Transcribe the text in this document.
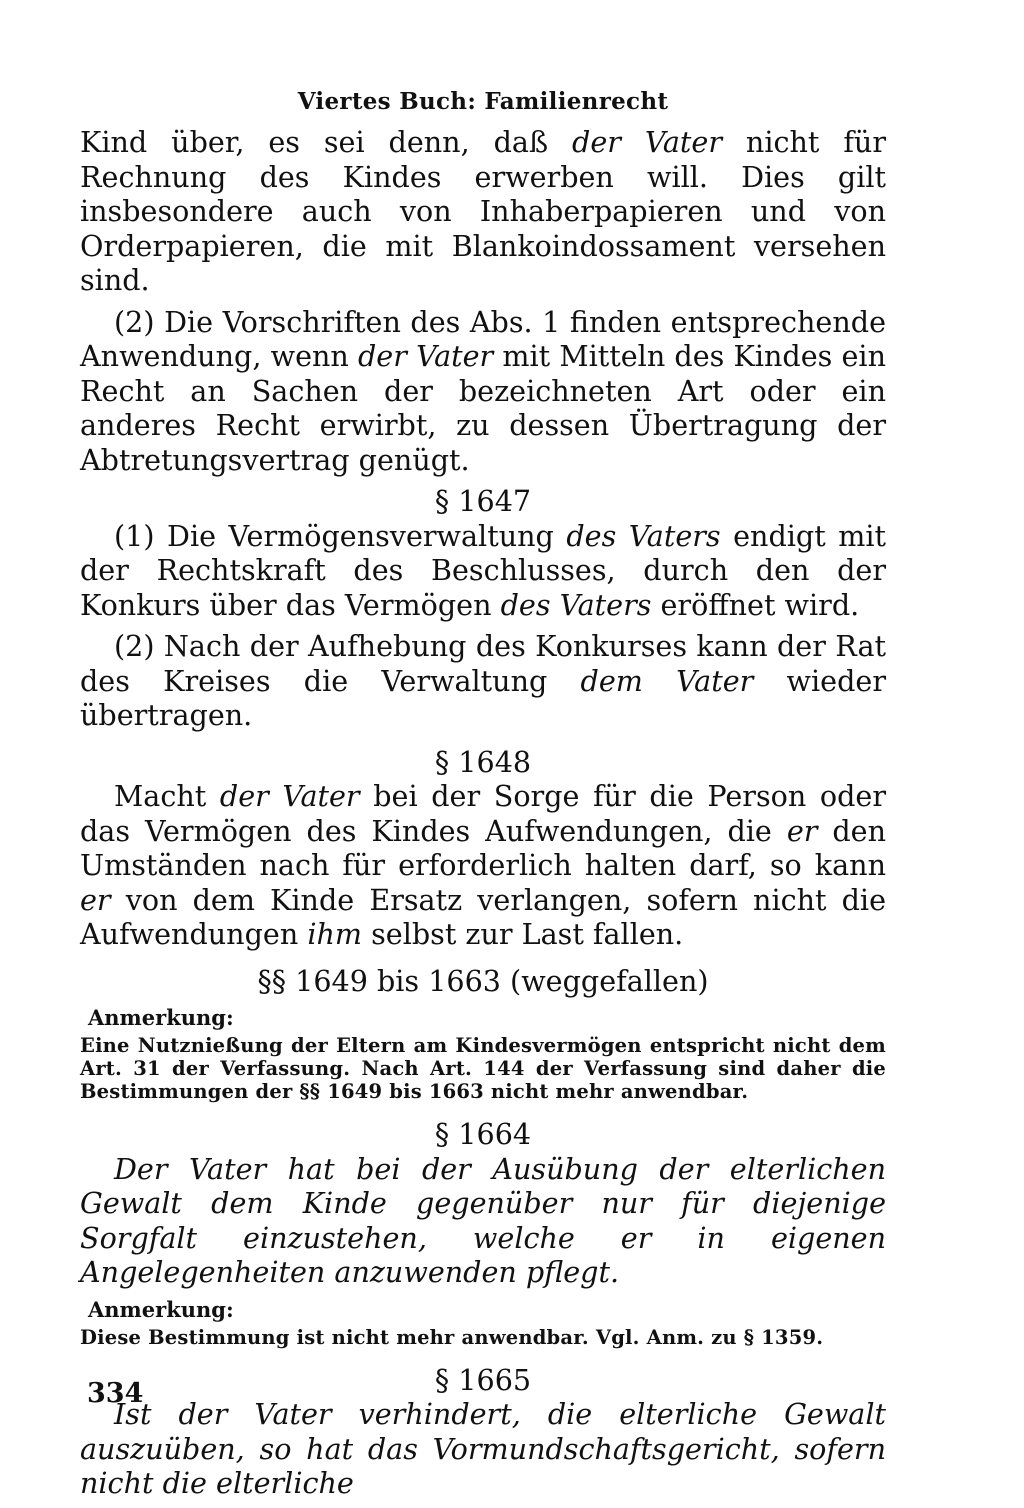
Viertes Buch: Familienrecht

Kind über, es sei denn, daß der Vater nicht für Rechnung des Kindes erwerben will. Dies gilt insbesondere auch von Inhaberpapieren und von Orderpapieren, die mit Blankoindossament versehen sind.

(2) Die Vorschriften des Abs. 1 finden entsprechende Anwendung, wenn der Vater mit Mitteln des Kindes ein Recht an Sachen der bezeichneten Art oder ein anderes Recht erwirbt, zu dessen Übertragung der Abtretungsvertrag genügt.

§ 1647

(1) Die Vermögensverwaltung des Vaters endigt mit der Rechtskraft des Beschlusses, durch den der Konkurs über das Vermögen des Vaters eröffnet wird.

(2) Nach der Aufhebung des Konkurses kann der Rat des Kreises die Verwaltung dem Vater wieder übertragen.

§ 1648

Macht der Vater bei der Sorge für die Person oder das Vermögen des Kindes Aufwendungen, die er den Umständen nach für erforderlich halten darf, so kann er von dem Kinde Ersatz verlangen, sofern nicht die Aufwendungen ihm selbst zur Last fallen.

§§ 1649 bis 1663 (weggefallen)
Anmerkung:

Eine Nutznießung der Eltern am Kindesvermögen entspricht nicht dem Art. 31 der Verfassung. Nach Art. 144 der Verfassung sind daher die Bestimmungen der §§ 1649 bis 1663 nicht mehr anwendbar.

§ 1664

Der Vater hat bei der Ausübung der elterlichen Gewalt dem Kinde gegenüber nur für diejenige Sorgfalt einzustehen, welche er in eigenen Angelegenheiten anzuwenden pflegt.

Anmerkung:

Diese Bestimmung ist nicht mehr anwendbar. Vgl. Anm. zu § 1359.

§ 1665

Ist der Vater verhindert, die elterliche Gewalt auszuüben, so hat das Vormundschaftsgericht, sofern nicht die elterliche

334
